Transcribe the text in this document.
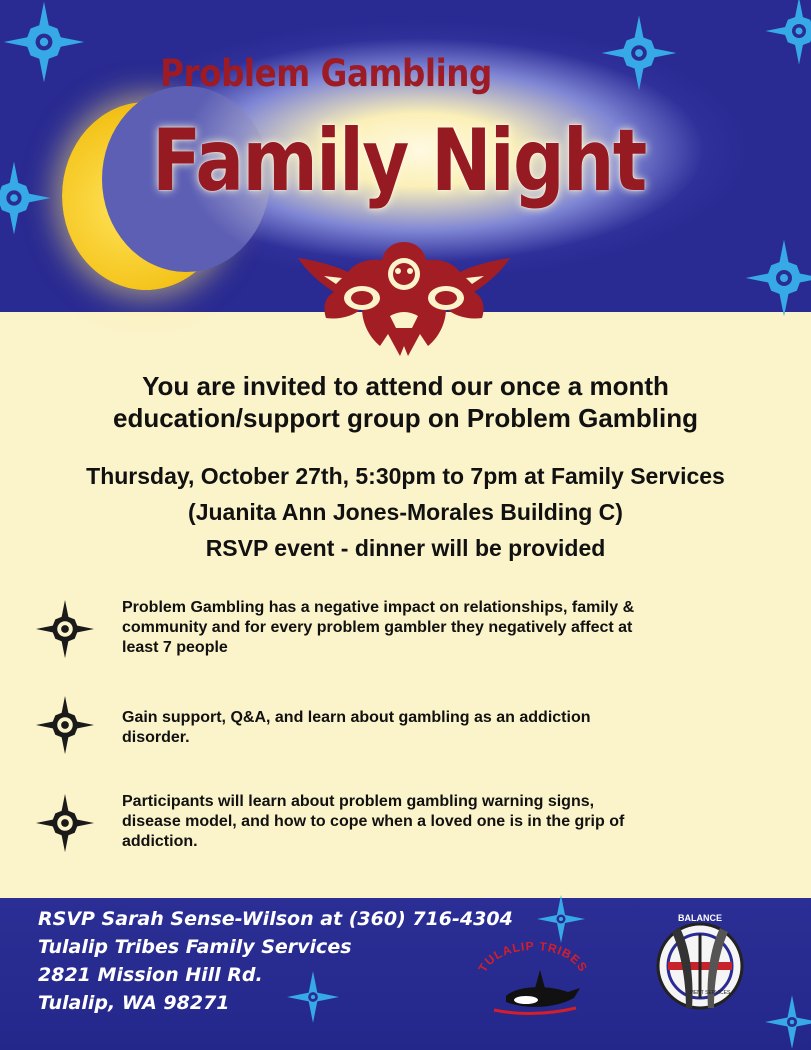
Problem Gambling
Family Night
You are invited to attend our once a month
education/support group on Problem Gambling
Thursday, October 27th, 5:30pm to 7pm at Family Services
(Juanita Ann Jones-Morales Building C)
RSVP event - dinner will be provided
Problem Gambling has a negative impact on relationships, family &
community and for every problem gambler they negatively affect at
least 7 people
Gain support, Q&A, and learn about gambling as an addiction
disorder.
Participants will learn about problem gambling warning signs,
disease model, and how to cope when a loved one is in the grip of
addiction.
RSVP Sarah Sense-Wilson at (360) 716-4304
Tulalip Tribes Family Services
2821 Mission Hill Rd.
Tulalip, WA 98271
TULALIP TRIBES
BALANCE
MENT SERVICES
